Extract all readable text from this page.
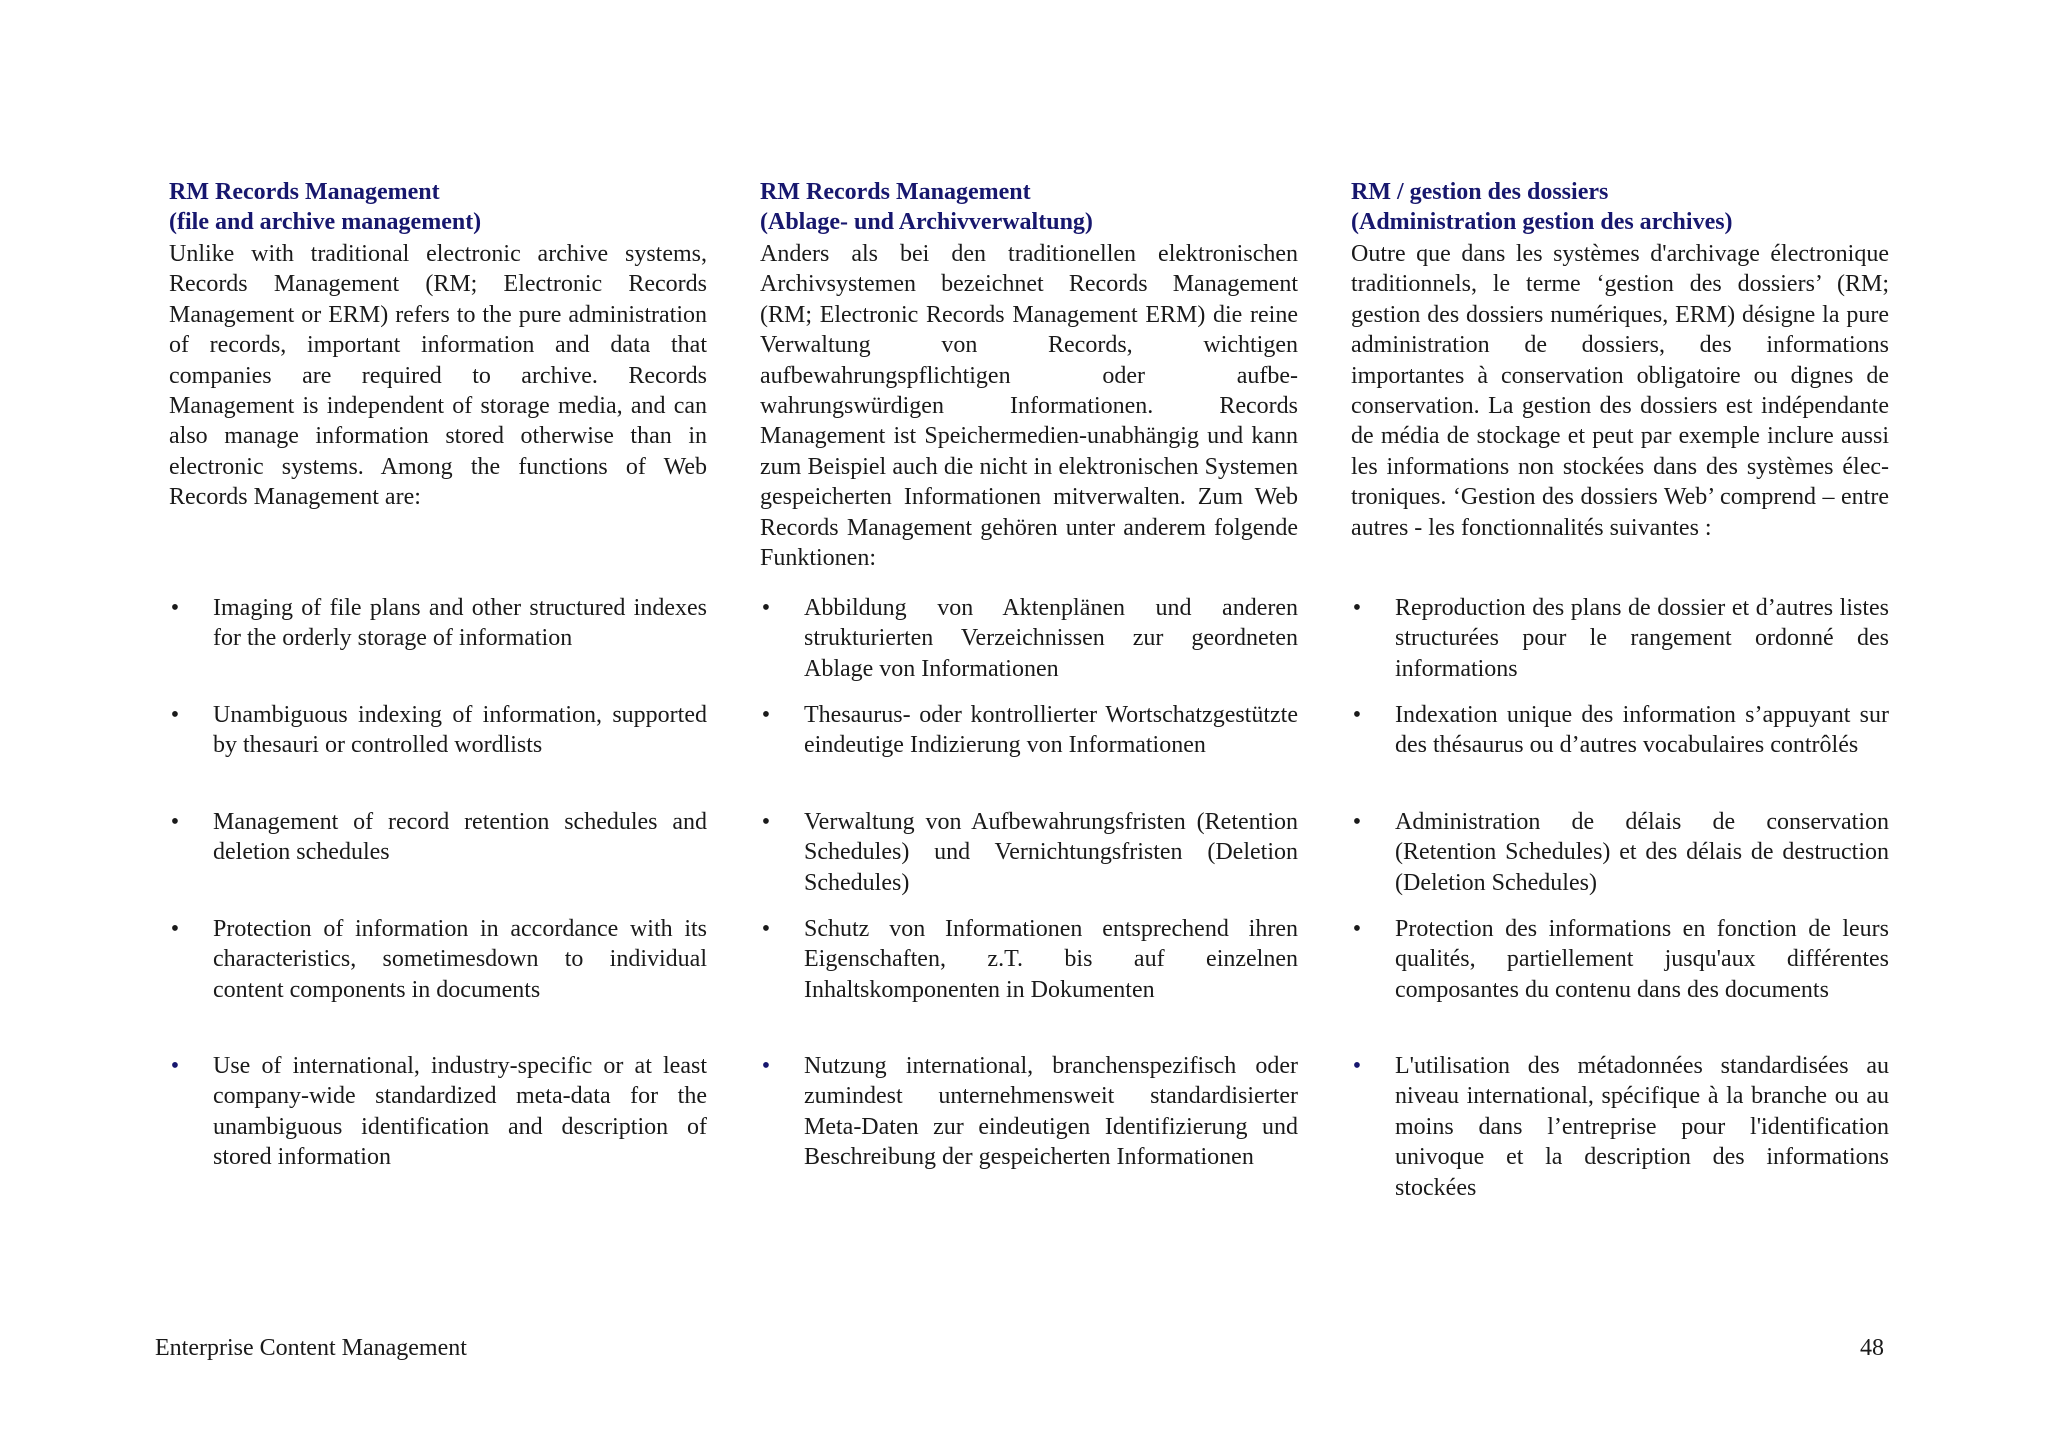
RM Records Management
(file and archive management)

Unlike with traditional electronic archive systems, Records Management (RM; Electronic Records Management or ERM) refers to the pure administration of records, important information and data that companies are required to archive. Records Management is independent of storage media, and can also manage information stored otherwise than in electronic systems. Among the functions of Web Records Management are:

• Imaging of file plans and other structured indexes for the orderly storage of information
• Unambiguous indexing of information, supported by thesauri or controlled wordlists
• Management of record retention schedules and deletion schedules
• Protection of information in accordance with its characteristics, sometimesdown to individual content components in documents
• Use of international, industry-specific or at least company-wide standardized meta-data for the unambiguous identification and description of stored information
RM Records Management
(Ablage- und Archivverwaltung)

Anders als bei den traditionellen elektronischen Archivsystemen bezeichnet Records Management (RM; Electronic Records Management ERM) die reine Verwaltung von Records, wichtigen aufbewahrungspflichtigen oder aufbewahrungswürdigen Informationen. Records Management ist Speichermedien-unabhängig und kann zum Beispiel auch die nicht in elektronischen Systemen gespeicherten Informationen mitverwalten. Zum Web Records Management gehören unter anderem folgende Funktionen:

• Abbildung von Aktenplänen und anderen strukturierten Verzeichnissen zur geordneten Ablage von Informationen
• Thesaurus- oder kontrollierter Wortschatzgestützte eindeutige Indizierung von Informationen
• Verwaltung von Aufbewahrungsfristen (Retention Schedules) und Vernichtungsfristen (Deletion Schedules)
• Schutz von Informationen entsprechend ihren Eigenschaften, z.T. bis auf einzelnen Inhaltskomponenten in Dokumenten
• Nutzung international, branchenspezifisch oder zumindest unternehmensweit standardisierter Meta-Daten zur eindeutigen Identifizierung und Beschreibung der gespeicherten Informationen
RM / gestion des dossiers
(Administration gestion des archives)

Outre que dans les systèmes d'archivage électronique traditionnels, le terme ‘gestion des dossiers’ (RM; gestion des dossiers numériques, ERM) désigne la pure administration de dossiers, des informations importantes à conservation obligatoire ou dignes de conservation. La gestion des dossiers est indépendante de média de stockage et peut par exemple inclure aussi les informations non stockées dans des systèmes électroniques. ‘Gestion des dossiers Web’ comprend – entre autres - les fonctionnalités suivantes :

• Reproduction des plans de dossier et d’autres listes structurées pour le rangement ordonné des informations
• Indexation unique des information s’appuyant sur des thésaurus ou d’autres vocabulaires contrôlés
• Administration de délais de conservation (Retention Schedules) et des délais de destruction (Deletion Schedules)
• Protection des informations en fonction de leurs qualités, partiellement jusqu'aux différentes composantes du contenu dans des documents
• L'utilisation des métadonnées standardisées au niveau international, spécifique à la branche ou au moins dans l’entreprise pour l'identification univoque et la description des informations stockées
Enterprise Content Management	48
